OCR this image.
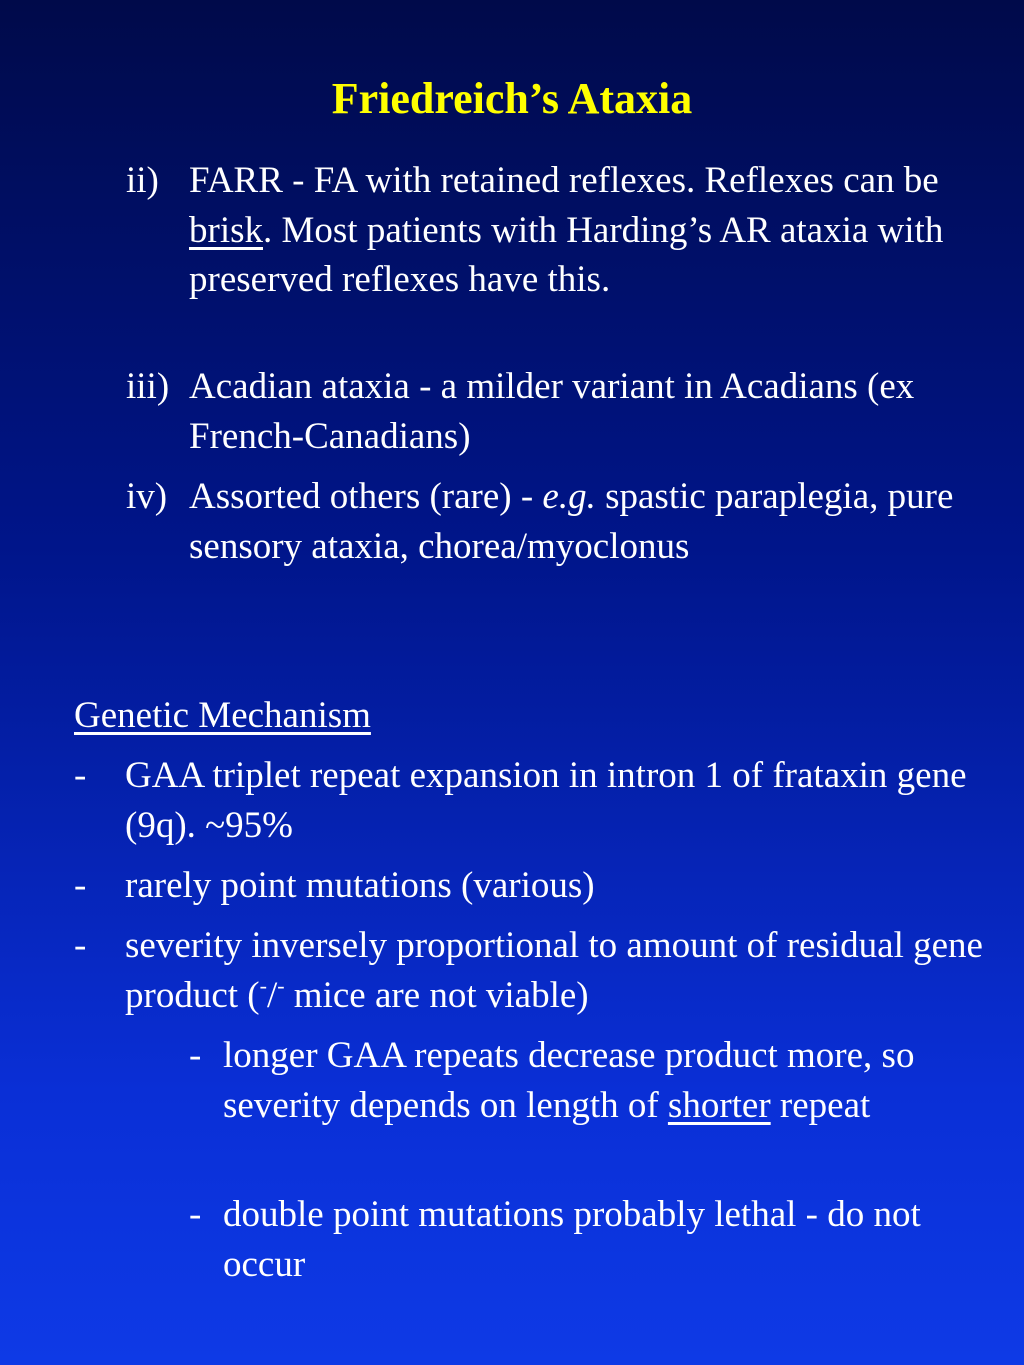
Friedreich’s Ataxia
ii) FARR - FA with retained reflexes. Reflexes can be brisk. Most patients with Harding’s AR ataxia with preserved reflexes have this.
iii) Acadian ataxia - a milder variant in Acadians (ex French-Canadians)
iv) Assorted others (rare) - e.g. spastic paraplegia, pure sensory ataxia, chorea/myoclonus
Genetic Mechanism
- GAA triplet repeat expansion in intron 1 of frataxin gene (9q). ~95%
- rarely point mutations (various)
- severity inversely proportional to amount of residual gene product (-/- mice are not viable)
- longer GAA repeats decrease product more, so severity depends on length of shorter repeat
- double point mutations probably lethal - do not occur
